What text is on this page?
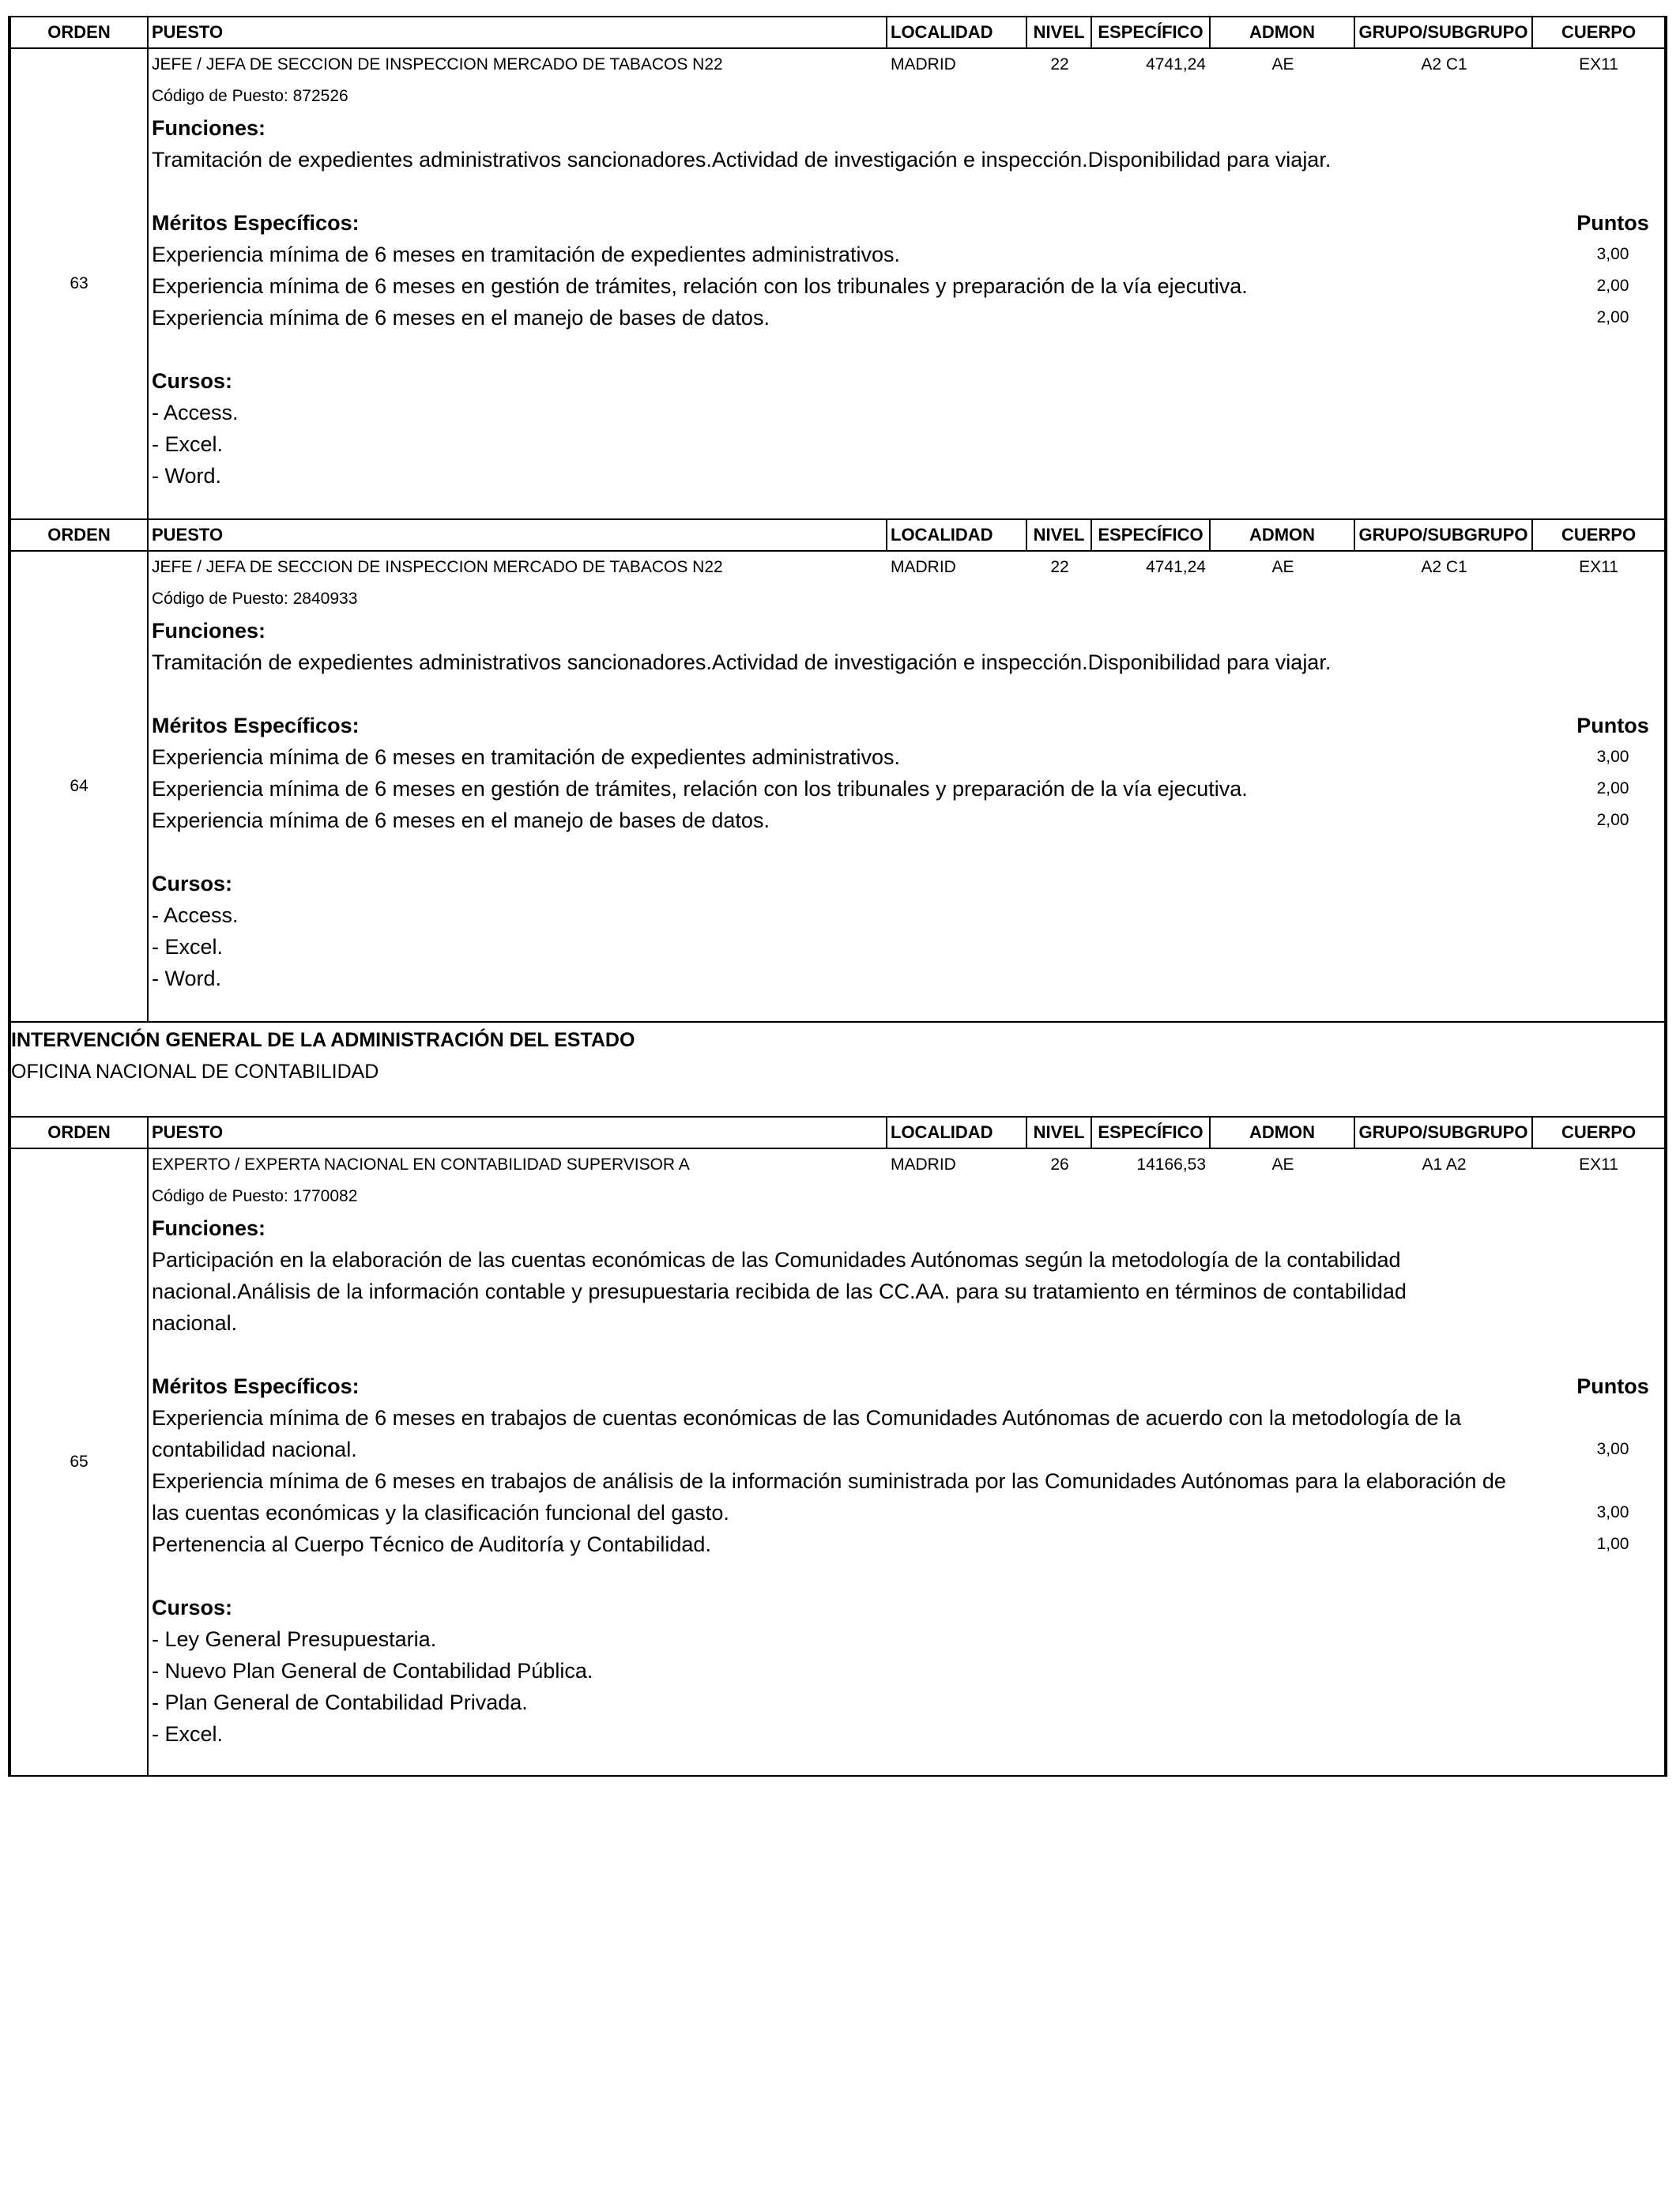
ORDEN	PUESTO	LOCALIDAD	NIVEL ESPECÍFICO	ADMON	GRUPO/SUBGRUPO	CUERPO
63
JEFE / JEFA DE SECCION DE INSPECCION MERCADO DE TABACOS N22	MADRID	22	4741,24	AE	A2 C1	EX11
Código de Puesto: 872526
Funciones:
Tramitación de expedientes administrativos sancionadores.Actividad de investigación e inspección.Disponibilidad para viajar.
Méritos Específicos:	Puntos
Experiencia mínima de 6 meses en tramitación de expedientes administrativos.	3,00
Experiencia mínima de 6 meses en gestión de trámites, relación con los tribunales y preparación de la vía ejecutiva.	2,00
Experiencia mínima de 6 meses en el manejo de bases de datos.	2,00
Cursos:
- Access.
- Excel.
- Word.
ORDEN	PUESTO	LOCALIDAD	NIVEL ESPECÍFICO	ADMON	GRUPO/SUBGRUPO	CUERPO
64
JEFE / JEFA DE SECCION DE INSPECCION MERCADO DE TABACOS N22	MADRID	22	4741,24	AE	A2 C1	EX11
Código de Puesto: 2840933
Funciones:
Tramitación de expedientes administrativos sancionadores.Actividad de investigación e inspección.Disponibilidad para viajar.
Méritos Específicos:	Puntos
Experiencia mínima de 6 meses en tramitación de expedientes administrativos.	3,00
Experiencia mínima de 6 meses en gestión de trámites, relación con los tribunales y preparación de la vía ejecutiva.	2,00
Experiencia mínima de 6 meses en el manejo de bases de datos.	2,00
Cursos:
- Access.
- Excel.
- Word.
INTERVENCIÓN GENERAL DE LA ADMINISTRACIÓN DEL ESTADO
OFICINA NACIONAL DE CONTABILIDAD
ORDEN	PUESTO	LOCALIDAD	NIVEL ESPECÍFICO	ADMON	GRUPO/SUBGRUPO	CUERPO
65
EXPERTO / EXPERTA NACIONAL EN CONTABILIDAD SUPERVISOR A	MADRID	26	14166,53	AE	A1 A2	EX11
Código de Puesto: 1770082
Funciones:
Participación en la elaboración de las cuentas económicas de las Comunidades Autónomas según la metodología de la contabilidad nacional.Análisis de la información contable y presupuestaria recibida de las CC.AA. para su tratamiento en términos de contabilidad nacional.
Méritos Específicos:	Puntos
Experiencia mínima de 6 meses en trabajos de cuentas económicas de las Comunidades Autónomas de acuerdo con la metodología de la contabilidad nacional.	3,00
Experiencia mínima de 6 meses en trabajos de análisis de la información suministrada por las Comunidades Autónomas para la elaboración de las cuentas económicas y la clasificación funcional del gasto.	3,00
Pertenencia al Cuerpo Técnico de Auditoría y Contabilidad.	1,00
Cursos:
- Ley General Presupuestaria.
- Nuevo Plan General de Contabilidad Pública.
- Plan General de Contabilidad Privada.
- Excel.
